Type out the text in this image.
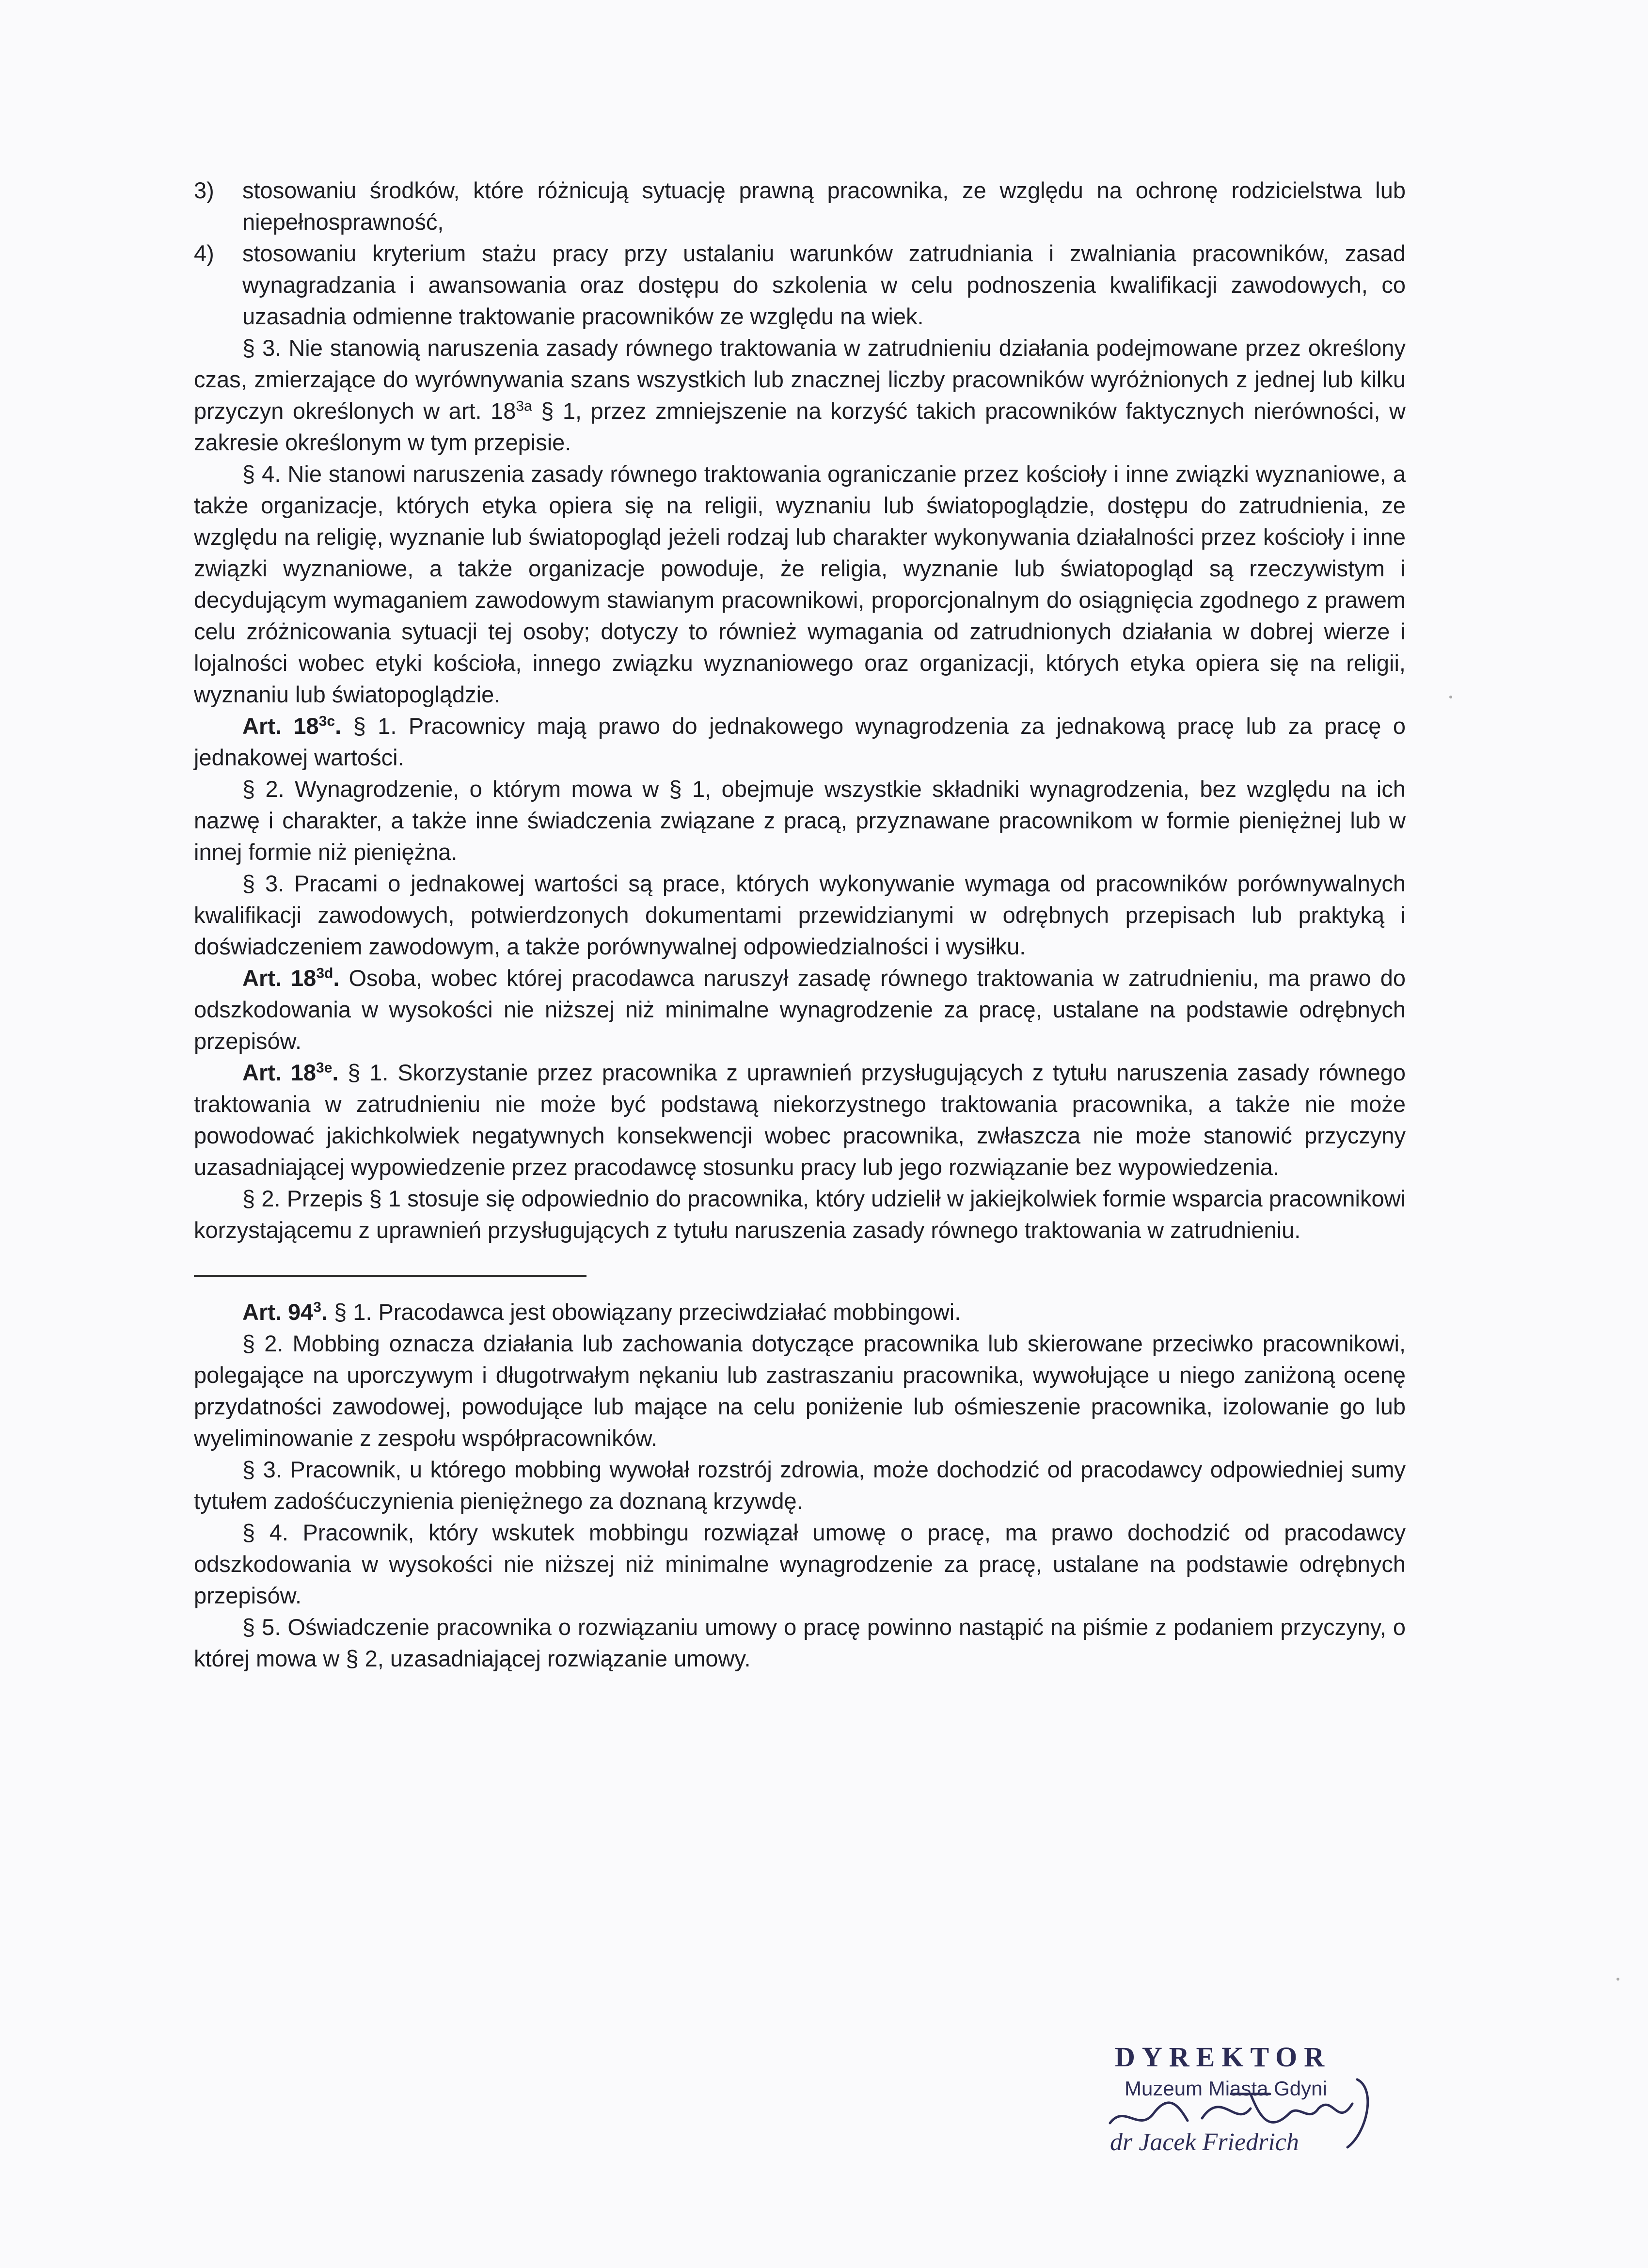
3)	stosowaniu środków, które różnicują sytuację prawną pracownika, ze względu na ochronę rodzicielstwa lub niepełnosprawność,
4)	stosowaniu kryterium stażu pracy przy ustalaniu warunków zatrudniania i zwalniania pracowników, zasad wynagradzania i awansowania oraz dostępu do szkolenia w celu podnoszenia kwalifikacji zawodowych, co uzasadnia odmienne traktowanie pracowników ze względu na wiek.

§ 3. Nie stanowią naruszenia zasady równego traktowania w zatrudnieniu działania podejmowane przez określony czas, zmierzające do wyrównywania szans wszystkich lub znacznej liczby pracowników wyróżnionych z jednej lub kilku przyczyn określonych w art. $18^{3a}$ § 1, przez zmniejszenie na korzyść takich pracowników faktycznych nierówności, w zakresie określonym w tym przepisie.

§ 4. Nie stanowi naruszenia zasady równego traktowania ograniczanie przez kościoły i inne związki wyznaniowe, a także organizacje, których etyka opiera się na religii, wyznaniu lub światopoglądzie, dostępu do zatrudnienia, ze względu na religię, wyznanie lub światopogląd jeżeli rodzaj lub charakter wykonywania działalności przez kościoły i inne związki wyznaniowe, a także organizacje powoduje, że religia, wyznanie lub światopogląd są rzeczywistym i decydującym wymaganiem zawodowym stawianym pracownikowi, proporcjonalnym do osiągnięcia zgodnego z prawem celu zróżnicowania sytuacji tej osoby; dotyczy to również wymagania od zatrudnionych działania w dobrej wierze i lojalności wobec etyki kościoła, innego związku wyznaniowego oraz organizacji, których etyka opiera się na religii, wyznaniu lub światopoglądzie.

Art. $18^{3c}$. § 1. Pracownicy mają prawo do jednakowego wynagrodzenia za jednakową pracę lub za pracę o jednakowej wartości.

§ 2. Wynagrodzenie, o którym mowa w § 1, obejmuje wszystkie składniki wynagrodzenia, bez względu na ich nazwę i charakter, a także inne świadczenia związane z pracą, przyznawane pracownikom w formie pieniężnej lub w innej formie niż pieniężna.

§ 3. Pracami o jednakowej wartości są prace, których wykonywanie wymaga od pracowników porównywalnych kwalifikacji zawodowych, potwierdzonych dokumentami przewidzianymi w odrębnych przepisach lub praktyką i doświadczeniem zawodowym, a także porównywalnej odpowiedzialności i wysiłku.

Art. $18^{3d}$. Osoba, wobec której pracodawca naruszył zasadę równego traktowania w zatrudnieniu, ma prawo do odszkodowania w wysokości nie niższej niż minimalne wynagrodzenie za pracę, ustalane na podstawie odrębnych przepisów.

Art. $18^{3e}$. § 1. Skorzystanie przez pracownika z uprawnień przysługujących z tytułu naruszenia zasady równego traktowania w zatrudnieniu nie może być podstawą niekorzystnego traktowania pracownika, a także nie może powodować jakichkolwiek negatywnych konsekwencji wobec pracownika, zwłaszcza nie może stanowić przyczyny uzasadniającej wypowiedzenie przez pracodawcę stosunku pracy lub jego rozwiązanie bez wypowiedzenia.

§ 2. Przepis § 1 stosuje się odpowiednio do pracownika, który udzielił w jakiejkolwiek formie wsparcia pracownikowi korzystającemu z uprawnień przysługujących z tytułu naruszenia zasady równego traktowania w zatrudnieniu.

Art. $94^3$. § 1. Pracodawca jest obowiązany przeciwdziałać mobbingowi.

§ 2. Mobbing oznacza działania lub zachowania dotyczące pracownika lub skierowane przeciwko pracownikowi, polegające na uporczywym i długotrwałym nękaniu lub zastraszaniu pracownika, wywołujące u niego zaniżoną ocenę przydatności zawodowej, powodujące lub mające na celu poniżenie lub ośmieszenie pracownika, izolowanie go lub wyeliminowanie z zespołu współpracowników.

§ 3. Pracownik, u którego mobbing wywołał rozstrój zdrowia, może dochodzić od pracodawcy odpowiedniej sumy tytułem zadośćuczynienia pieniężnego za doznaną krzywdę.

§ 4. Pracownik, który wskutek mobbingu rozwiązał umowę o pracę, ma prawo dochodzić od pracodawcy odszkodowania w wysokości nie niższej niż minimalne wynagrodzenie za pracę, ustalane na podstawie odrębnych przepisów.

§ 5. Oświadczenie pracownika o rozwiązaniu umowy o pracę powinno nastąpić na piśmie z podaniem przyczyny, o której mowa w § 2, uzasadniającej rozwiązanie umowy.

DYREKTOR
Muzeum Miasta Gdyni
dr Jacek Friedrich
